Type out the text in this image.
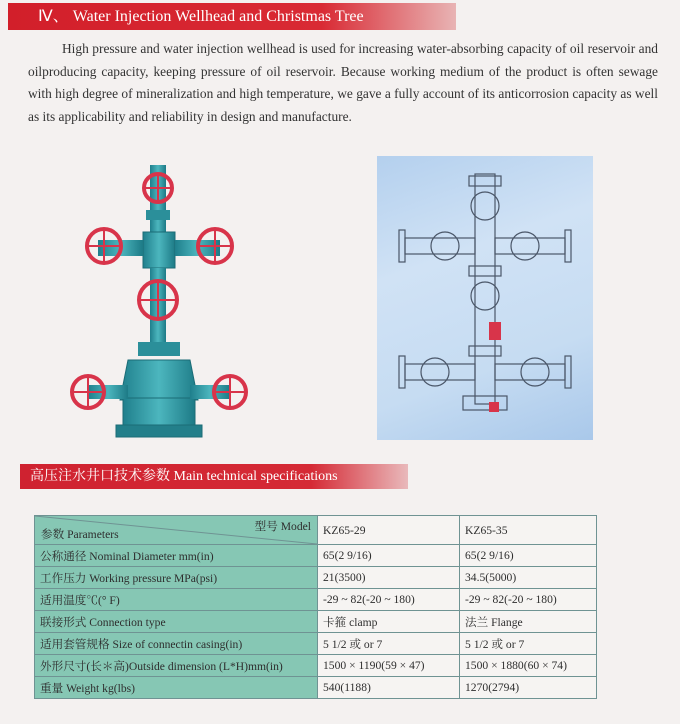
Ⅳ、 Water Injection Wellhead and Christmas Tree

High pressure and water injection wellhead is used for increasing water-absorbing capacity of oil reservoir and oilproducing capacity, keeping pressure of oil reservoir. Because working medium of the product is often sewage with high degree of mineralization and high temperature, we gave a fully account of its anticorrosion capacity as well as its applicability and reliability in design and manufacture.

高压注水井口技术参数 Main technical specifications
型号 Model
参数 Parameters	KZ65-29	KZ65-35
公称通径 Nominal Diameter mm(in)	65(2 9/16)	65(2 9/16)
工作压力 Working pressure MPa(psi)	21(3500)	34.5(5000)
适用温度℃(° F)	-29 ~ 82(-20 ~ 180)	-29 ~ 82(-20 ~ 180)
联接形式 Connection type	卡箍 clamp	法兰 Flange
适用套管规格 Size of connectin casing(in)	5 1/2 或 or 7	5 1/2 或 or 7
外形尺寸(长＊高)Outside dimension (L*H)mm(in)	1500 × 1190(59 × 47)	1500 × 1880(60 × 74)
重量 Weight kg(lbs)	540(1188)	1270(2794)
